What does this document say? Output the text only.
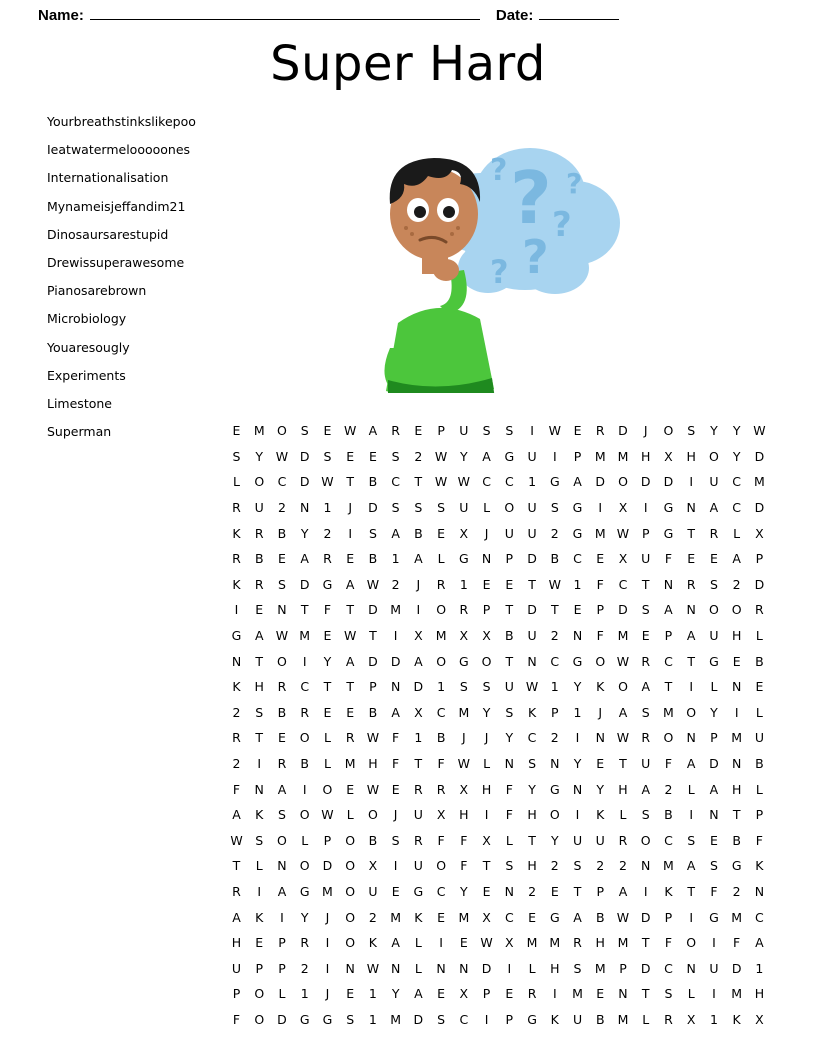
Name:	Date:
Super Hard
Yourbreathstinkslikepoo
Ieatwatermelooooones
Internationalisation
Mynameisjeffandim21
Dinosaursarestupid
Drewissuperawesome
Pianosarebrown
Microbiology
Youaresougly
Experiments
Limestone
Superman
? ? ?
?
?
?
E	M O	S	E	W A	R	E	P	U	S	S	I	W	E	R	D	J	O	S	Y	Y	W
S	Y	W D	S	E	E	S	2	W	Y	A	G	U	I	P	M M	H	X	H	O	Y	D
L	O	C	D W	T	B	C	T	W W C	C	1	G	A	D O D D	I	U	C	M
R	U	2	N	1	J	D	S	S	S	U	L	O	U	S	G	I	X	I	G	N	A	C	D
K	R	B	Y	2	I	S	A	B	E	X	J	U	U	2	G M W	P	G	T	R	L	X
R	B	E	A	R	E	B	1	A	L	G	N	P	D	B	C	E	X	U	F	E	E	A	P
K	R	S	D G	A W	2	J	R	1	E	E	T	W	1	F	C	T	N	R	S	2	D
I	E	N	T	F	T	D M	I	O	R	P	T	D	T	E	P	D	S	A	N	O O	R
G	A W M	E	W	T	I	X	M	X	X	B	U	2	N	F	M	E	P	A	U	H	L
N	T	O	I	Y	A	D D	A	O G O	T	N	C	G O W R	C	T	G	E	B
K	H	R	C	T	T	P	N	D	1	S	S	U W	1	Y	K	O	A	T	I	L	N	E
2	S	B	R	E	E	B	A	X	C	M	Y	S	K	P	1	J	A	S	M O	Y	I	L
R	T	E	O	L	R W	F	1	B	J	J	Y	C	2	I	N W R	O	N	P	M	U
2	I	R	B	L	M	H	F	T	F	W	L	N	S	N	Y	E	T	U	F	A	D	N	B
F	N	A	I	O	E	W	E	R	R	X	H	F	Y	G	N	Y	H	A	2	L	A	H	L
A	K	S	O W	L	O	J	U	X	H	I	F	H	O	I	K	L	S	B	I	N	T	P
W	S	O	L	P	O	B	S	R	F	F	X	L	T	Y	U	U	R	O	C	S	E	B	F
T	L	N	O D O	X	I	U	O	F	T	S	H	2	S	2	2	N	M	A	S	G	K
R	I	A	G M O	U	E	G	C	Y	E	N	2	E	T	P	A	I	K	T	F	2	N
A	K	I	Y	J	O	2	M	K	E	M	X	C	E	G	A	B W D	P	I	G M	C
H	E	P	R	I	O	K	A	L	I	E	W X	M M	R	H	M	T	F	O	I	F	A
U	P	P	2	I	N W N	L	N	N	D	I	L	H	S	M	P	D	C	N	U	D	1
P	O	L	1	J	E	1	Y	A	E	X	P	E	R	I	M	E	N	T	S	L	I	M	H
F	O D G G	S	1	M D	S	C	I	P	G	K	U	B	M	L	R	X	1	K	X
